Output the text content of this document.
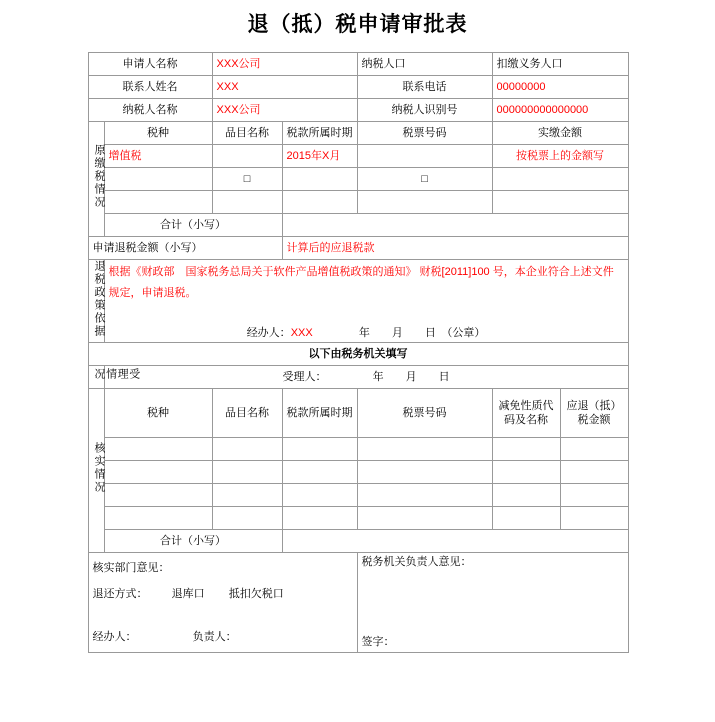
退（抵）税申请审批表
申请人名称		XXX公司		纳税人口	扣缴义务人口	
联系人姓名		XXX		联系电话	00000000	
纳税人名称		XXX公司		纳税人识别号	000000000000000	
原缴税情况	税种	品目名称	税款所属时期	税票号码	实缴金额	
	增值税		2015年X月		按税票上的金额写	
		□		□		

	合计（小写）					
申请退税金额（小写）			计算后的应退税款			
退税政策依据	根据《财政部　国家税务总局关于软件产品增值税政策的通知》 财税[2011]100 号，本企业符合上述文件规定，申请退税。
经办人：XXX 年　　月　　日　（公章）					

以下由税务机关填写						
受理情况	受理人： 年　　月　　日					

核实情况	税种	品目名称	税款所属时期	税票号码	减免性质代码及名称	应退（抵）税金额

	合计（小写）					

核实部门意见：
退还方式： 退库口 抵扣欠税口
经办人：	负责人：

税务机关负责人意见：
签字：
